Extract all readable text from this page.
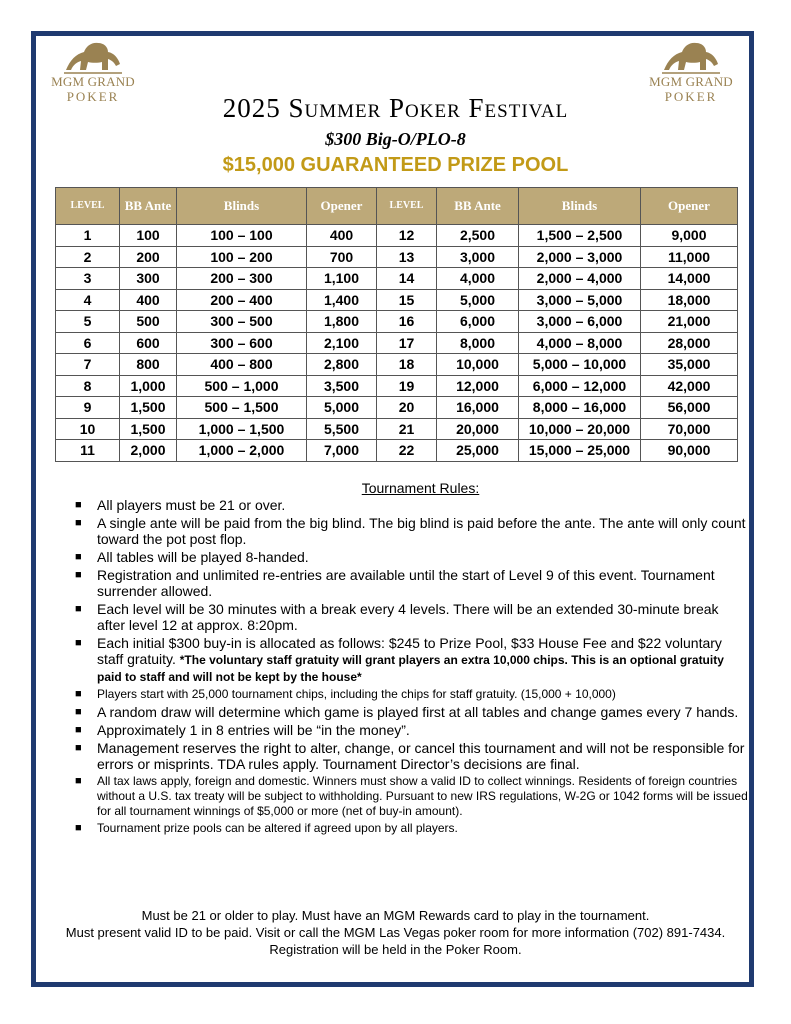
MGM GRAND
POKER
MGM GRAND
POKER
2025 Summer Poker Festival
$300 Big-O/PLO-8
$15,000 GUARANTEED PRIZE POOL
LEVEL	BB Ante	Blinds	Opener	LEVEL	BB Ante	Blinds	Opener
1	100	100 – 100	400	12	2,500	1,500 – 2,500	9,000
2	200	100 – 200	700	13	3,000	2,000 – 3,000	11,000
3	300	200 – 300	1,100	14	4,000	2,000 – 4,000	14,000
4	400	200 – 400	1,400	15	5,000	3,000 – 5,000	18,000
5	500	300 – 500	1,800	16	6,000	3,000 – 6,000	21,000
6	600	300 – 600	2,100	17	8,000	4,000 – 8,000	28,000
7	800	400 – 800	2,800	18	10,000	5,000 – 10,000	35,000
8	1,000	500 – 1,000	3,500	19	12,000	6,000 – 12,000	42,000
9	1,500	500 – 1,500	5,000	20	16,000	8,000 – 16,000	56,000
10	1,500	1,000 – 1,500	5,500	21	20,000	10,000 – 20,000	70,000
11	2,000	1,000 – 2,000	7,000	22	25,000	15,000 – 25,000	90,000
Tournament Rules:
■ All players must be 21 or over.
■ A single ante will be paid from the big blind. The big blind is paid before the ante. The ante will only count toward the pot post flop.
■ All tables will be played 8-handed.
■ Registration and unlimited re-entries are available until the start of Level 9 of this event. Tournament surrender allowed.
■ Each level will be 30 minutes with a break every 4 levels. There will be an extended 30-minute break after level 12 at approx. 8:20pm.
■ Each initial $300 buy-in is allocated as follows: $245 to Prize Pool, $33 House Fee and $22 voluntary staff gratuity. *The voluntary staff gratuity will grant players an extra 10,000 chips. This is an optional gratuity paid to staff and will not be kept by the house*
■ Players start with 25,000 tournament chips, including the chips for staff gratuity. (15,000 + 10,000)
■ A random draw will determine which game is played first at all tables and change games every 7 hands.
■ Approximately 1 in 8 entries will be “in the money”.
■ Management reserves the right to alter, change, or cancel this tournament and will not be responsible for errors or misprints. TDA rules apply. Tournament Director’s decisions are final.
■ All tax laws apply, foreign and domestic. Winners must show a valid ID to collect winnings. Residents of foreign countries without a U.S. tax treaty will be subject to withholding. Pursuant to new IRS regulations, W-2G or 1042 forms will be issued for all tournament winnings of $5,000 or more (net of buy-in amount).
■ Tournament prize pools can be altered if agreed upon by all players.
Must be 21 or older to play. Must have an MGM Rewards card to play in the tournament.
Must present valid ID to be paid. Visit or call the MGM Las Vegas poker room for more information (702) 891-7434. Registration will be held in the Poker Room.
